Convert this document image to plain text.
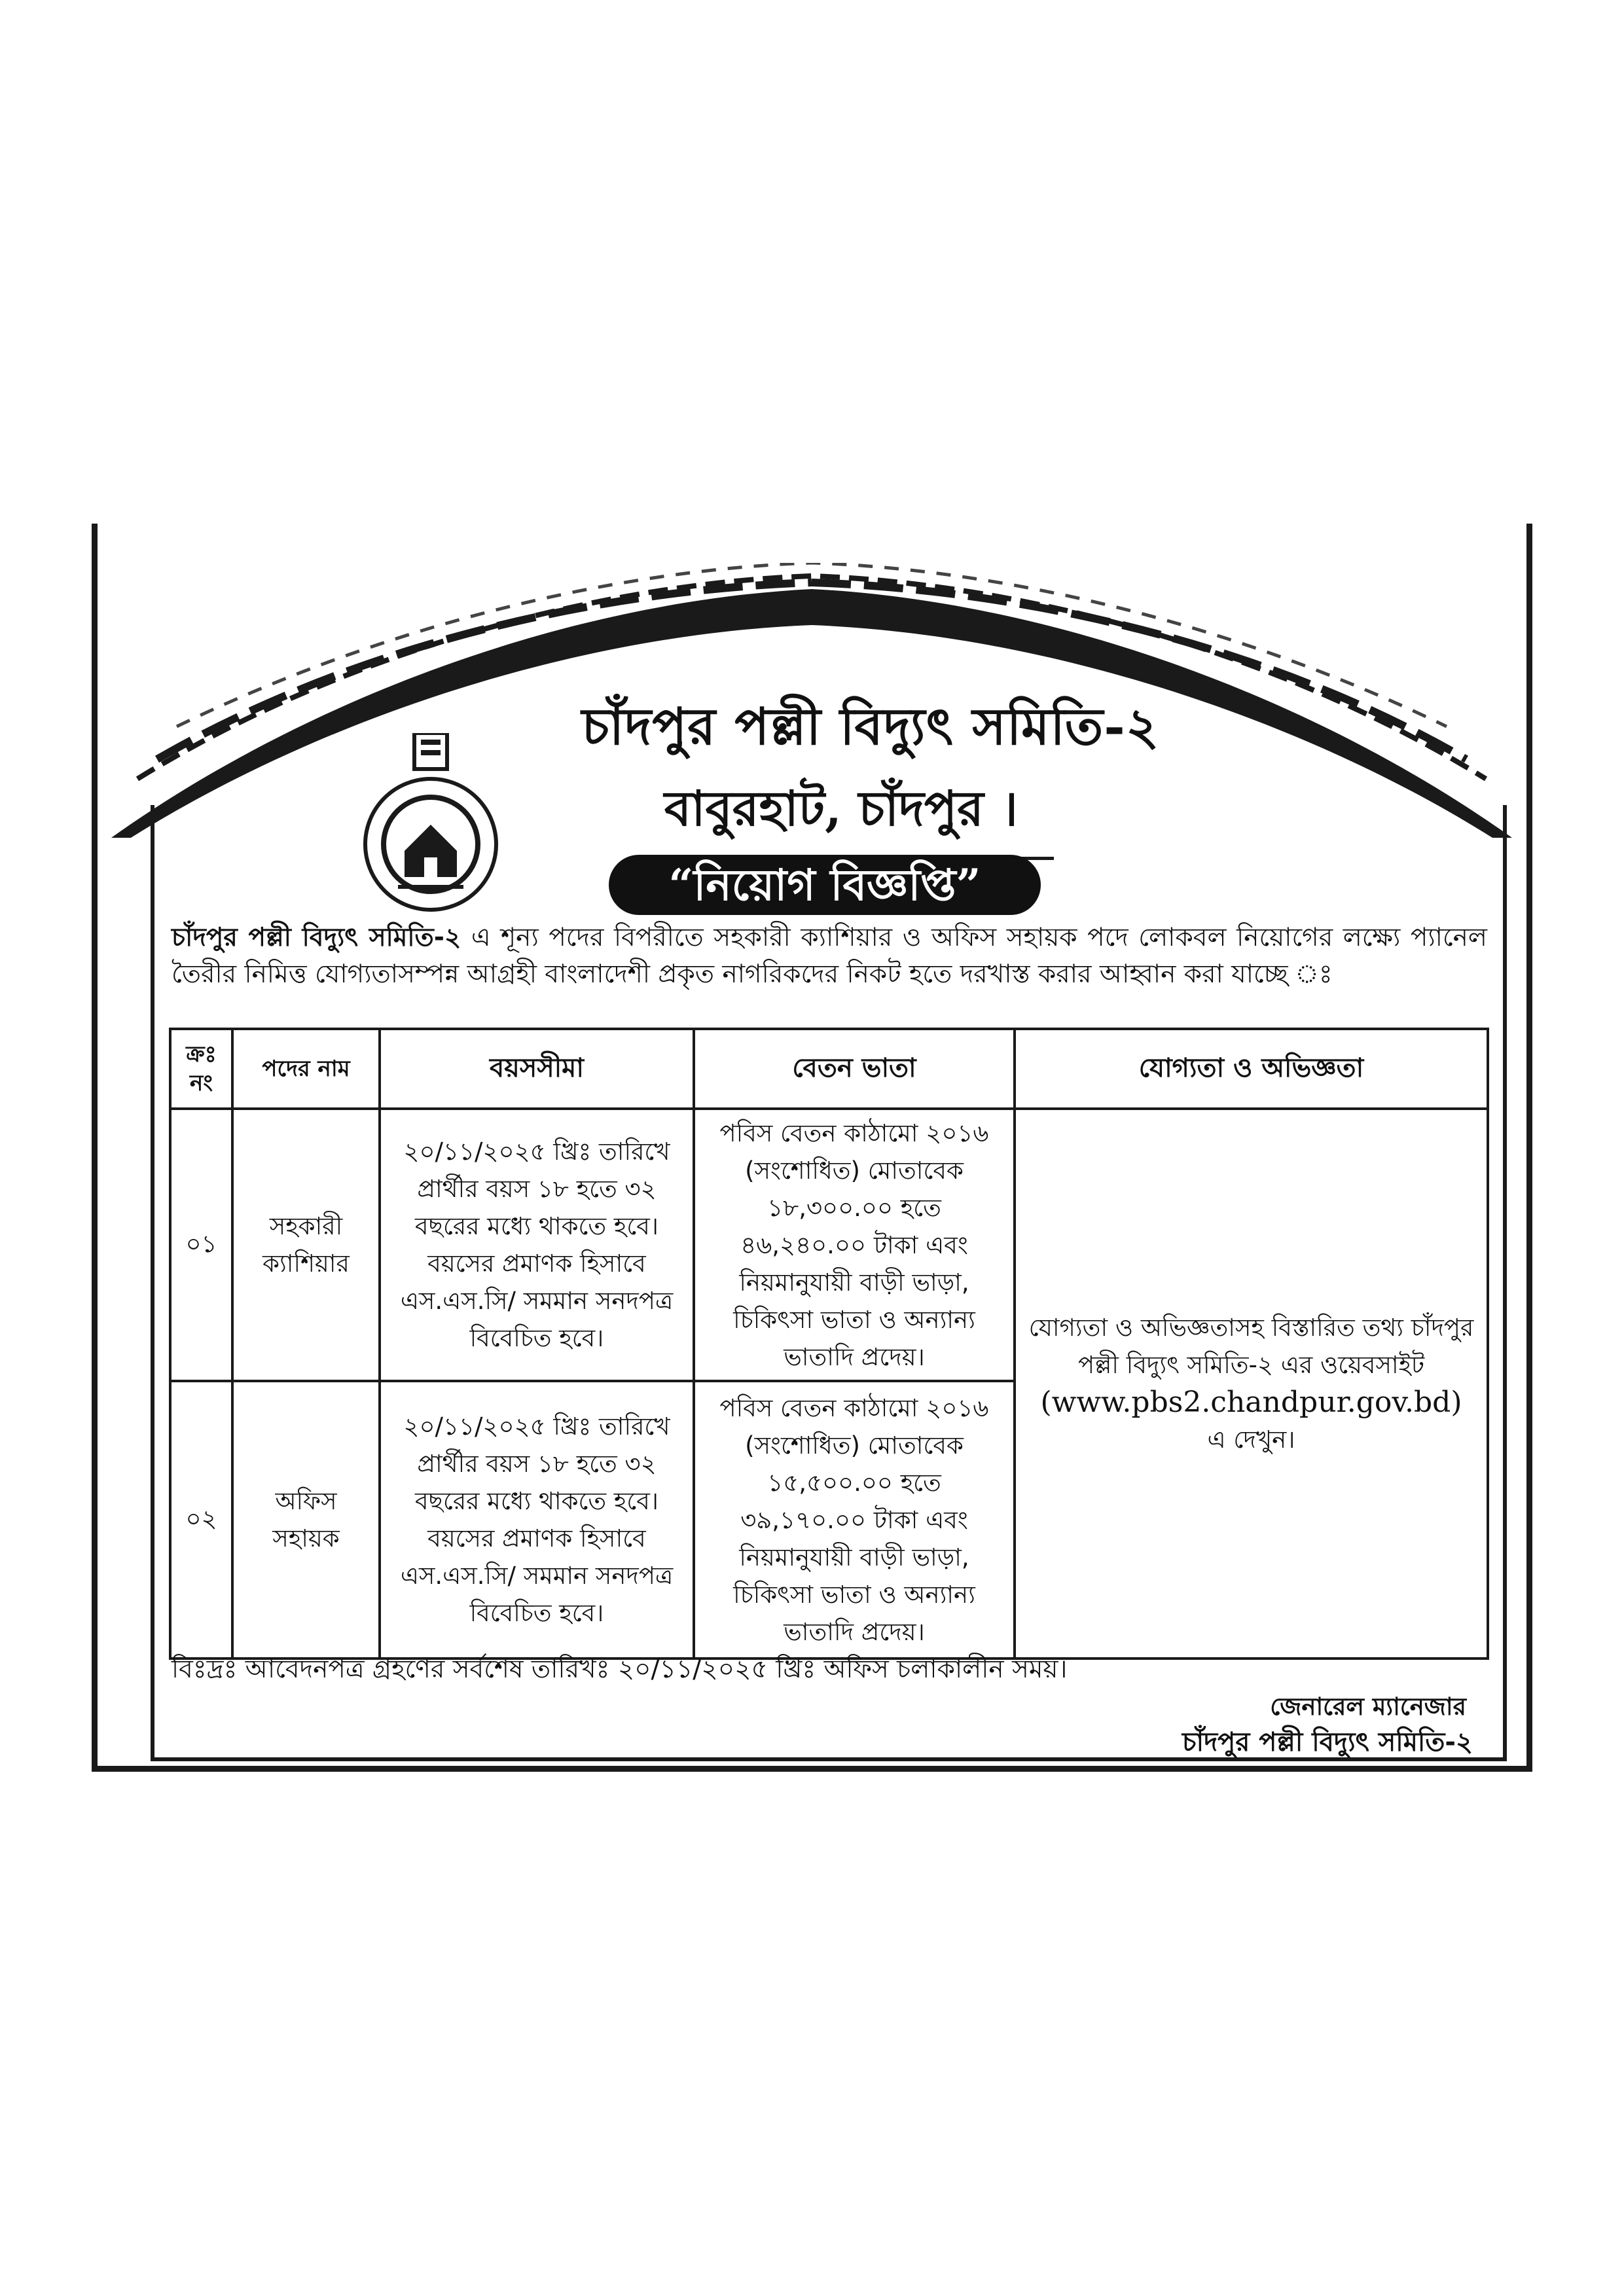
চাঁদপুর পল্লী বিদ্যুৎ সমিতি-২
বাবুরহাট, চাঁদপুর ।
“নিয়োগ বিজ্ঞপ্তি”
চাঁদপুর পল্লী বিদ্যুৎ সমিতি-২ এ শূন্য পদের বিপরীতে সহকারী ক্যাশিয়ার ও অফিস সহায়ক পদে লোকবল নিয়োগের লক্ষ্যে প্যানেল তৈরীর নিমিত্ত যোগ্যতাসম্পন্ন আগ্রহী বাংলাদেশী প্রকৃত নাগরিকদের নিকট হতে দরখাস্ত করার আহ্বান করা যাচ্ছে ঃ
ক্রঃ নং	পদের নাম	বয়সসীমা	বেতন ভাতা	যোগ্যতা ও অভিজ্ঞতা
০১	সহকারী ক্যাশিয়ার	২০/১১/২০২৫ খ্রিঃ তারিখে প্রার্থীর বয়স ১৮ হতে ৩২ বছরের মধ্যে থাকতে হবে। বয়সের প্রমাণক হিসাবে এস.এস.সি/ সমমান সনদপত্র বিবেচিত হবে।	পবিস বেতন কাঠামো ২০১৬ (সংশোধিত) মোতাবেক ১৮,৩০০.০০ হতে ৪৬,২৪০.০০ টাকা এবং নিয়মানুযায়ী বাড়ী ভাড়া, চিকিৎসা ভাতা ও অন্যান্য ভাতাদি প্রদেয়।	যোগ্যতা ও অভিজ্ঞতাসহ বিস্তারিত তথ্য চাঁদপুর পল্লী বিদ্যুৎ সমিতি-২ এর ওয়েবসাইট
(www.pbs2.chandpur.gov.bd)
এ দেখুন।

০২	অফিস সহায়ক	২০/১১/২০২৫ খ্রিঃ তারিখে প্রার্থীর বয়স ১৮ হতে ৩২ বছরের মধ্যে থাকতে হবে। বয়সের প্রমাণক হিসাবে এস.এস.সি/ সমমান সনদপত্র বিবেচিত হবে।	পবিস বেতন কাঠামো ২০১৬ (সংশোধিত) মোতাবেক ১৫,৫০০.০০ হতে ৩৯,১৭০.০০ টাকা এবং নিয়মানুযায়ী বাড়ী ভাড়া, চিকিৎসা ভাতা ও অন্যান্য ভাতাদি প্রদেয়।	
বিঃদ্রঃ আবেদনপত্র গ্রহণের সর্বশেষ তারিখঃ ২০/১১/২০২৫ খ্রিঃ অফিস চলাকালীন সময়।
জেনারেল ম্যানেজার
চাঁদপুর পল্লী বিদ্যুৎ সমিতি-২
